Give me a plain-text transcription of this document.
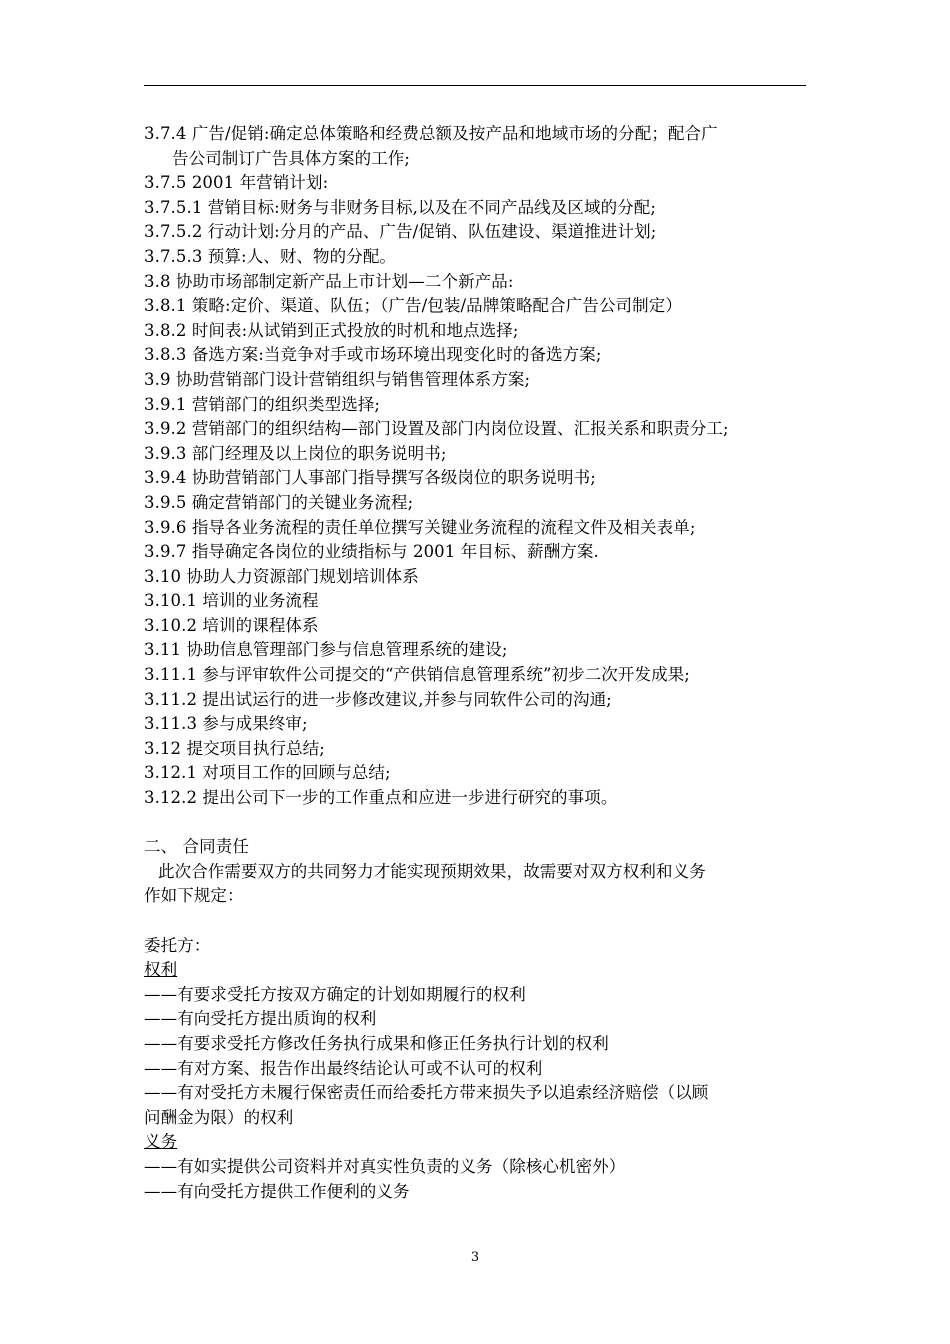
3.7.4 广告/促销:确定总体策略和经费总额及按产品和地域市场的分配；配合广
告公司制订广告具体方案的工作;
3.7.5 2001 年营销计划:
3.7.5.1 营销目标:财务与非财务目标,以及在不同产品线及区域的分配;
3.7.5.2 行动计划:分月的产品、广告/促销、队伍建设、渠道推进计划;
3.7.5.3 预算:人、财、物的分配。
3.8 协助市场部制定新产品上市计划—二个新产品:
3.8.1 策略:定价、渠道、队伍；（广告/包装/品牌策略配合广告公司制定）
3.8.2 时间表:从试销到正式投放的时机和地点选择;
3.8.3 备选方案:当竞争对手或市场环境出现变化时的备选方案;
3.9 协助营销部门设计营销组织与销售管理体系方案;
3.9.1 营销部门的组织类型选择;
3.9.2 营销部门的组织结构—部门设置及部门内岗位设置、汇报关系和职责分工;
3.9.3 部门经理及以上岗位的职务说明书;
3.9.4 协助营销部门人事部门指导撰写各级岗位的职务说明书;
3.9.5 确定营销部门的关键业务流程;
3.9.6 指导各业务流程的责任单位撰写关键业务流程的流程文件及相关表单;
3.9.7 指导确定各岗位的业绩指标与 2001 年目标、薪酬方案.
3.10 协助人力资源部门规划培训体系
3.10.1 培训的业务流程
3.10.2 培训的课程体系
3.11 协助信息管理部门参与信息管理系统的建设;
3.11.1 参与评审软件公司提交的“产供销信息管理系统”初步二次开发成果;
3.11.2 提出试运行的进一步修改建议,并参与同软件公司的沟通;
3.11.3 参与成果终审;
3.12 提交项目执行总结;
3.12.1 对项目工作的回顾与总结;
3.12.2 提出公司下一步的工作重点和应进一步进行研究的事项。
二、 合同责任
此次合作需要双方的共同努力才能实现预期效果，故需要对双方权利和义务
作如下规定：
委托方：
权利
——有要求受托方按双方确定的计划如期履行的权利
——有向受托方提出质询的权利
——有要求受托方修改任务执行成果和修正任务执行计划的权利
——有对方案、报告作出最终结论认可或不认可的权利
——有对受托方未履行保密责任而给委托方带来损失予以追索经济赔偿（以顾
问酬金为限）的权利
义务
——有如实提供公司资料并对真实性负责的义务（除核心机密外）
——有向受托方提供工作便利的义务
3
